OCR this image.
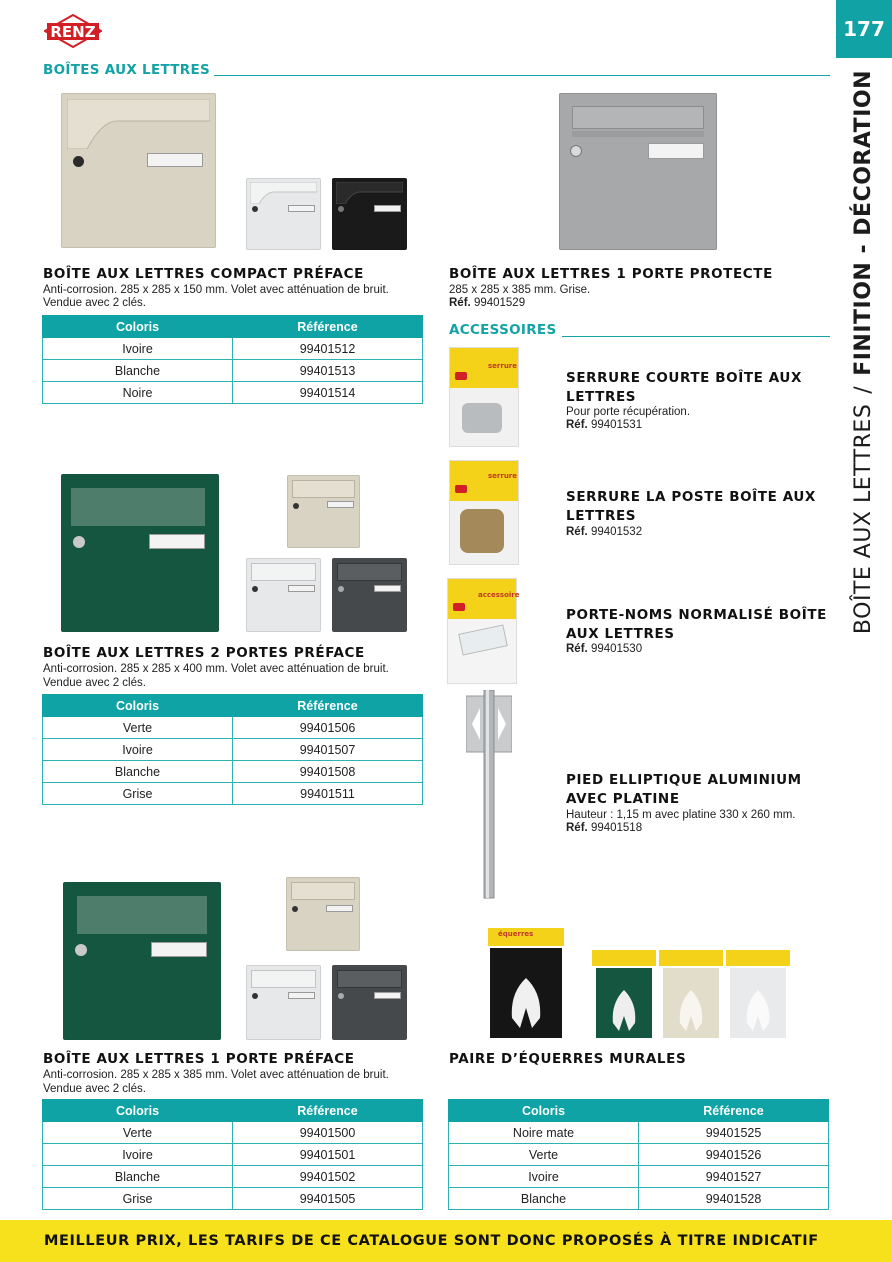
RENZ
BOÎTES AUX LETTRES
177
BOÎTE AUX LETTRES
/
FINITION - DÉCORATION
BOÎTE AUX LETTRES COMPACT PRÉFACE
Anti-corrosion. 285 x 285 x 150 mm. Volet avec atténuation de bruit.
Vendue avec 2 clés.
Coloris	Référence
Ivoire	99401512
Blanche	99401513
Noire	99401514
BOÎTE AUX LETTRES 1 PORTE PROTECTE
285 x 285 x 385 mm. Grise.
Réf. 99401529
ACCESSOIRES
serrure
serrure
accessoire
SERRURE COURTE BOÎTE AUX
LETTRES
Pour porte récupération.
Réf. 99401531
SERRURE LA POSTE BOÎTE AUX
LETTRES
Réf. 99401532
PORTE-NOMS NORMALISÉ BOÎTE
AUX LETTRES
Réf. 99401530
PIED ELLIPTIQUE ALUMINIUM
AVEC PLATINE
Hauteur : 1,15 m avec platine 330 x 260 mm.
Réf. 99401518
BOÎTE AUX LETTRES 2 PORTES PRÉFACE
Anti-corrosion. 285 x 285 x 400 mm. Volet avec atténuation de bruit.
Vendue avec 2 clés.
Coloris	Référence
Verte	99401506
Ivoire	99401507
Blanche	99401508
Grise	99401511
BOÎTE AUX LETTRES 1 PORTE PRÉFACE
Anti-corrosion. 285 x 285 x 385 mm. Volet avec atténuation de bruit.
Vendue avec 2 clés.
Coloris	Référence
Verte	99401500
Ivoire	99401501
Blanche	99401502
Grise	99401505
équerres
PAIRE D’ÉQUERRES MURALES
Coloris	Référence
Noire mate	99401525
Verte	99401526
Ivoire	99401527
Blanche	99401528
MEILLEUR PRIX, LES TARIFS DE CE CATALOGUE SONT DONC PROPOSÉS À TITRE INDICATIF
